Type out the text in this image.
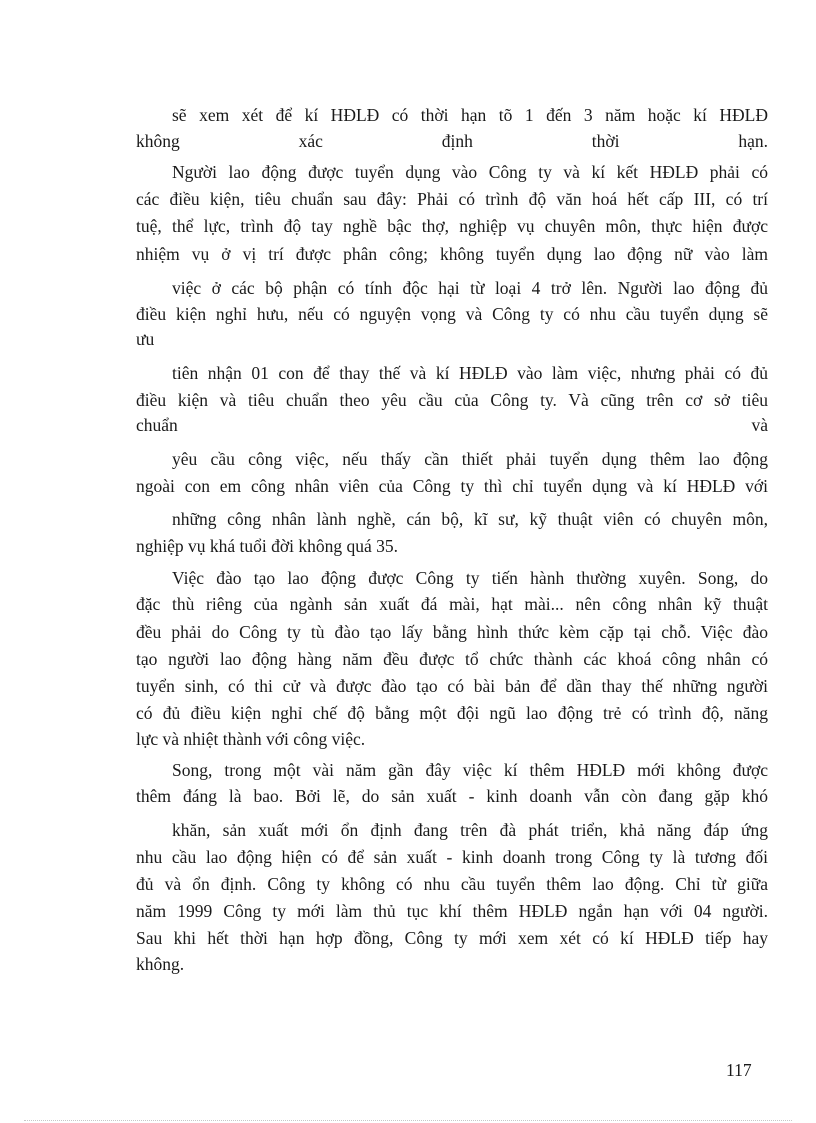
sẽ xem xét để kí HĐLĐ có thời hạn tõ 1 đến 3 năm hoặc kí HĐLĐ
không xác định thời hạn.
Người lao động được tuyển dụng vào Công ty và kí kết HĐLĐ phải có
các điều kiện, tiêu chuẩn sau đây: Phải có trình độ văn hoá hết cấp III, có trí
tuệ, thể lực, trình độ tay nghề bậc thợ, nghiệp vụ chuyên môn, thực hiện được
nhiệm vụ ở vị trí được phân công; không tuyển dụng lao động nữ vào làm
việc ở các bộ phận có tính độc hại từ loại 4 trở lên. Người lao động đủ
điều kiện nghỉ hưu, nếu có nguyện vọng và Công ty có nhu cầu tuyển dụng sẽ
ưu
tiên nhận 01 con để thay thế và kí HĐLĐ vào làm việc, nhưng phải có đủ
điều kiện và tiêu chuẩn theo yêu cầu của Công ty. Và cũng trên cơ sở tiêu
chuẩn và
yêu cầu công việc, nếu thấy cần thiết phải tuyển dụng thêm lao động
ngoài con em công nhân viên của Công ty thì chỉ tuyển dụng và kí HĐLĐ với
những công nhân lành nghề, cán bộ, kĩ sư, kỹ thuật viên có chuyên môn,
nghiệp vụ khá tuổi đời không quá 35.
Việc đào tạo lao động được Công ty tiến hành thường xuyên. Song, do
đặc thù riêng của ngành sản xuất đá mài, hạt mài... nên công nhân kỹ thuật
đều phải do Công ty tù đào tạo lấy bằng hình thức kèm cặp tại chỗ. Việc đào
tạo người lao động hàng năm đều được tổ chức thành các khoá công nhân có
tuyển sinh, có thi cử và được đào tạo có bài bản để dần thay thế những người
có đủ điều kiện nghỉ chế độ bằng một đội ngũ lao động trẻ có trình độ, năng
lực và nhiệt thành với công việc.
Song, trong một vài năm gần đây việc kí thêm HĐLĐ mới không được
thêm đáng là bao. Bởi lẽ, do sản xuất - kinh doanh vẫn còn đang gặp khó
khăn, sản xuất mới ổn định đang trên đà phát triển, khả năng đáp ứng
nhu cầu lao động hiện có để sản xuất - kinh doanh trong Công ty là tương đối
đủ và ổn định. Công ty không có nhu cầu tuyển thêm lao động. Chỉ từ giữa
năm 1999 Công ty mới làm thủ tục khí thêm HĐLĐ ngắn hạn với 04 người.
Sau khi hết thời hạn hợp đồng, Công ty mới xem xét có kí HĐLĐ tiếp hay
không.
117
